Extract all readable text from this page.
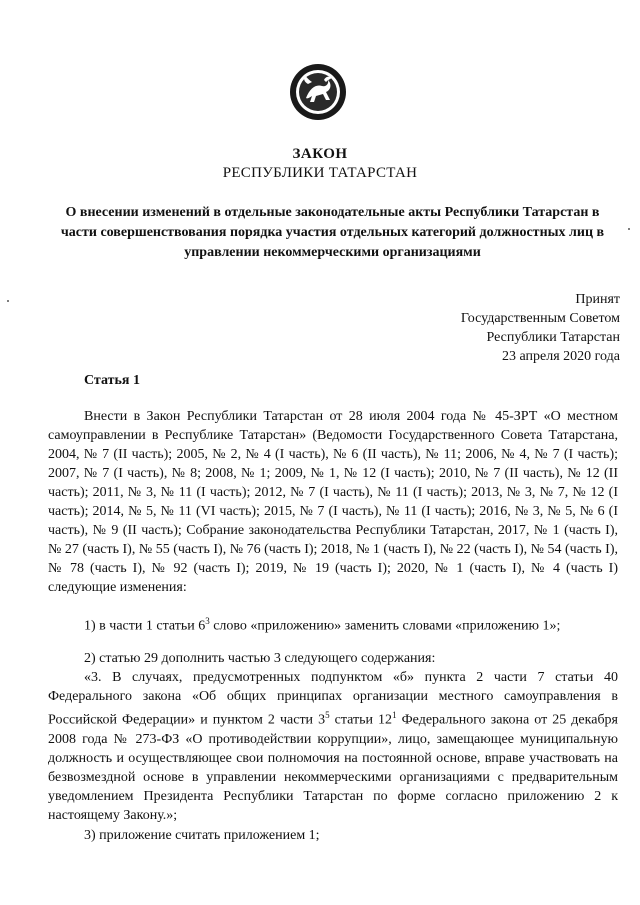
ЗАКОН
РЕСПУБЛИКИ ТАТАРСТАН
О внесении изменений в отдельные законодательные акты Республики Татарстан в части совершенствования порядка участия отдельных категорий должностных лиц в управлении некоммерческими организациями
Принят
Государственным Советом
Республики Татарстан
23 апреля 2020 года
Статья 1
Внести в Закон Республики Татарстан от 28 июля 2004 года № 45-ЗРТ «О местном самоуправлении в Республике Татарстан» (Ведомости Государственного Совета Татарстана, 2004, № 7 (II часть); 2005, № 2, № 4 (I часть), № 6 (II часть), № 11; 2006, № 4, № 7 (I часть); 2007, № 7 (I часть), № 8; 2008, № 1; 2009, № 1, № 12 (I часть); 2010, № 7 (II часть), № 12 (II часть); 2011, № 3, № 11 (I часть); 2012, № 7 (I часть), № 11 (I часть); 2013, № 3, № 7, № 12 (I часть); 2014, № 5, № 11 (VI часть); 2015, № 7 (I часть), № 11 (I часть); 2016, № 3, № 5, № 6 (I часть), № 9 (II часть); Собрание законодательства Республики Татарстан, 2017, № 1 (часть I), № 27 (часть I), № 55 (часть I), № 76 (часть I); 2018, № 1 (часть I), № 22 (часть I), № 54 (часть I), № 78 (часть I), № 92 (часть I); 2019, № 19 (часть I); 2020, № 1 (часть I), № 4 (часть I) следующие изменения:
1) в части 1 статьи $6^3$ слово «приложению» заменить словами «приложению 1»;
2) статью 29 дополнить частью 3 следующего содержания:
«3. В случаях, предусмотренных подпунктом «б» пункта 2 части 7 статьи 40 Федерального закона «Об общих принципах организации местного самоуправления в Российской Федерации» и пунктом 2 части $3^5$ статьи $12^1$ Федерального закона от 25 декабря 2008 года № 273-ФЗ «О противодействии коррупции», лицо, замещающее муниципальную должность и осуществляющее свои полномочия на постоянной основе, вправе участвовать на безвозмездной основе в управлении некоммерческими организациями с предварительным уведомлением Президента Республики Татарстан по форме согласно приложению 2 к настоящему Закону.»;
3) приложение считать приложением 1;
